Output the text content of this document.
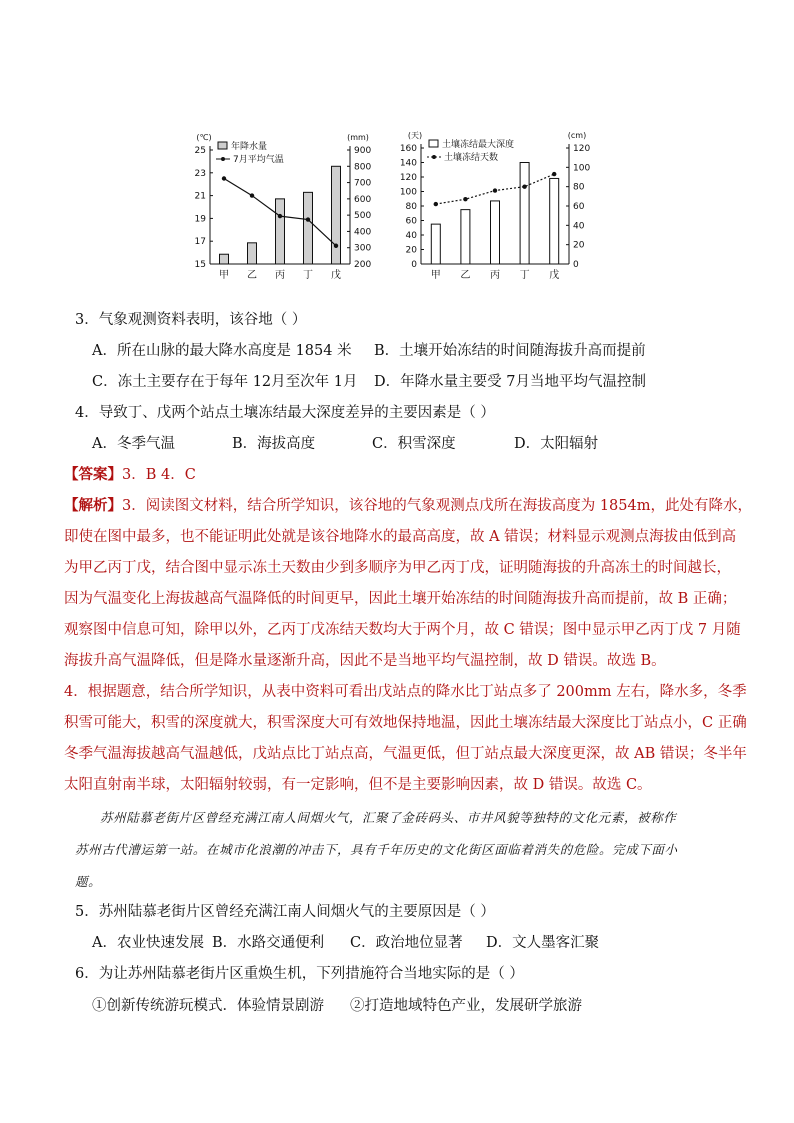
25
23
21
19
17
15
900
800
700
600
500
400
300
200
(℃)	(mm)
甲 乙 丙 丁 戊
年降水量
7月平均气温
160
140
120
100
80
60
40
20
0
120
100
80
60
40
20
0
(天)	(cm)
甲 乙 丙 丁 戊
土壤冻结最大深度
土壤冻结天数
3．气象观测资料表明，该谷地（ ）
A．所在山脉的最大降水高度是 1854 米 B．土壤开始冻结的时间随海拔升高而提前
C．冻土主要存在于每年 12月至次年 1月 D．年降水量主要受 7月当地平均气温控制
4．导致丁、戊两个站点土壤冻结最大深度差异的主要因素是（ ）
A．冬季气温	B．海拔高度	C．积雪深度	D．太阳辐射
【答案】3．B 4．C
【解析】3．阅读图文材料，结合所学知识，该谷地的气象观测点戊所在海拔高度为 1854m，此处有降水，
即使在图中最多，也不能证明此处就是该谷地降水的最高高度，故 A 错误；材料显示观测点海拔由低到高
为甲乙丙丁戊，结合图中显示冻土天数由少到多顺序为甲乙丙丁戊，证明随海拔的升高冻土的时间越长，
因为气温变化上海拔越高气温降低的时间更早，因此土壤开始冻结的时间随海拔升高而提前，故 B 正确；
观察图中信息可知，除甲以外，乙丙丁戊冻结天数均大于两个月，故 C 错误；图中显示甲乙丙丁戊 7 月随
海拔升高气温降低，但是降水量逐渐升高，因此不是当地平均气温控制，故 D 错误。故选 B。
4．根据题意，结合所学知识，从表中资料可看出戊站点的降水比丁站点多了 200mm 左右，降水多，冬季
积雪可能大，积雪的深度就大，积雪深度大可有效地保持地温，因此土壤冻结最大深度比丁站点小，C 正确
冬季气温海拔越高气温越低，戊站点比丁站点高，气温更低，但丁站点最大深度更深，故 AB 错误；冬半年
太阳直射南半球，太阳辐射较弱，有一定影响，但不是主要影响因素，故 D 错误。故选 C。
苏州陆慕老街片区曾经充满江南人间烟火气，汇聚了金砖码头、市井风貌等独特的文化元素，被称作
苏州古代漕运第一站。在城市化浪潮的冲击下，具有千年历史的文化街区面临着消失的危险。完成下面小
题。
5．苏州陆慕老街片区曾经充满江南人间烟火气的主要原因是（ ）
A．农业快速发展 B．水路交通便利 C．政治地位显著 D．文人墨客汇聚
6．为让苏州陆慕老街片区重焕生机，下列措施符合当地实际的是（ ）
①创新传统游玩模式．体验情景剧游 ②打造地域特色产业，发展研学旅游
